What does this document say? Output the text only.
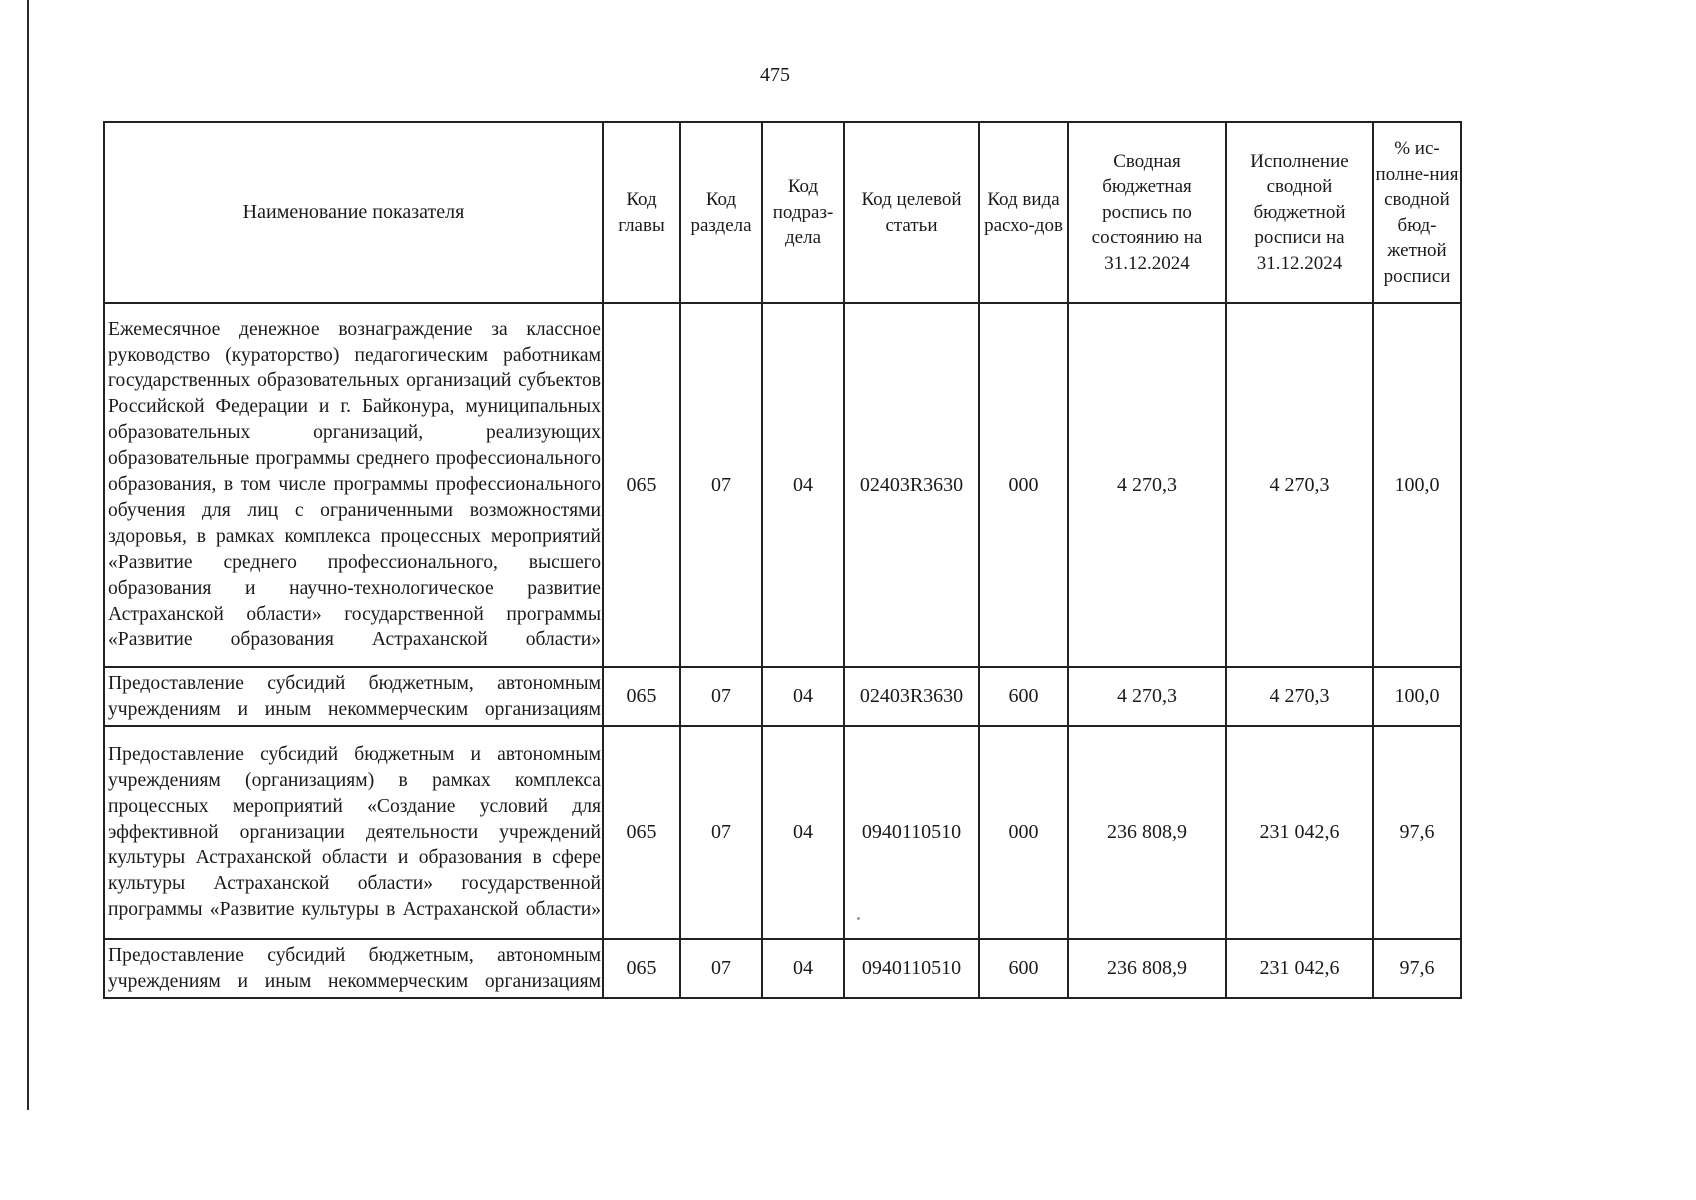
475
Наименование показателя	Код главы	Код раздела	Код подраз-дела	Код целевой статьи	Код вида расхо-дов	Сводная бюджетная роспись по состоянию на 31.12.2024	Исполнение сводной бюджетной росписи на 31.12.2024	% ис-полне-ния сводной бюд-жетной росписи
Ежемесячное денежное вознаграждение за классное руководство (кураторство) педагогическим работникам государственных образовательных организаций субъектов Российской Федерации и г. Байконура, муниципальных образовательных организаций, реализующих образовательные программы среднего профессионального образования, в том числе программы профессионального обучения для лиц с ограниченными возможностями здоровья, в рамках комплекса процессных мероприятий «Развитие среднего профессионального, высшего образования и научно-технологическое развитие Астраханской области» государственной программы «Развитие образования Астраханской области»	065	07	04	02403R3630	000	4 270,3	4 270,3	100,0
Предоставление субсидий бюджетным, автономным учреждениям и иным некоммерческим организациям	065	07	04	02403R3630	600	4 270,3	4 270,3	100,0
Предоставление субсидий бюджетным и автономным учреждениям (организациям) в рамках комплекса процессных мероприятий «Создание условий для эффективной организации деятельности учреждений культуры Астраханской области и образования в сфере культуры Астраханской области» государственной программы «Развитие культуры в Астраханской области»	065	07	04	0940110510	000	236 808,9	231 042,6	97,6
Предоставление субсидий бюджетным, автономным учреждениям и иным некоммерческим организациям	065	07	04	0940110510	600	236 808,9	231 042,6	97,6
